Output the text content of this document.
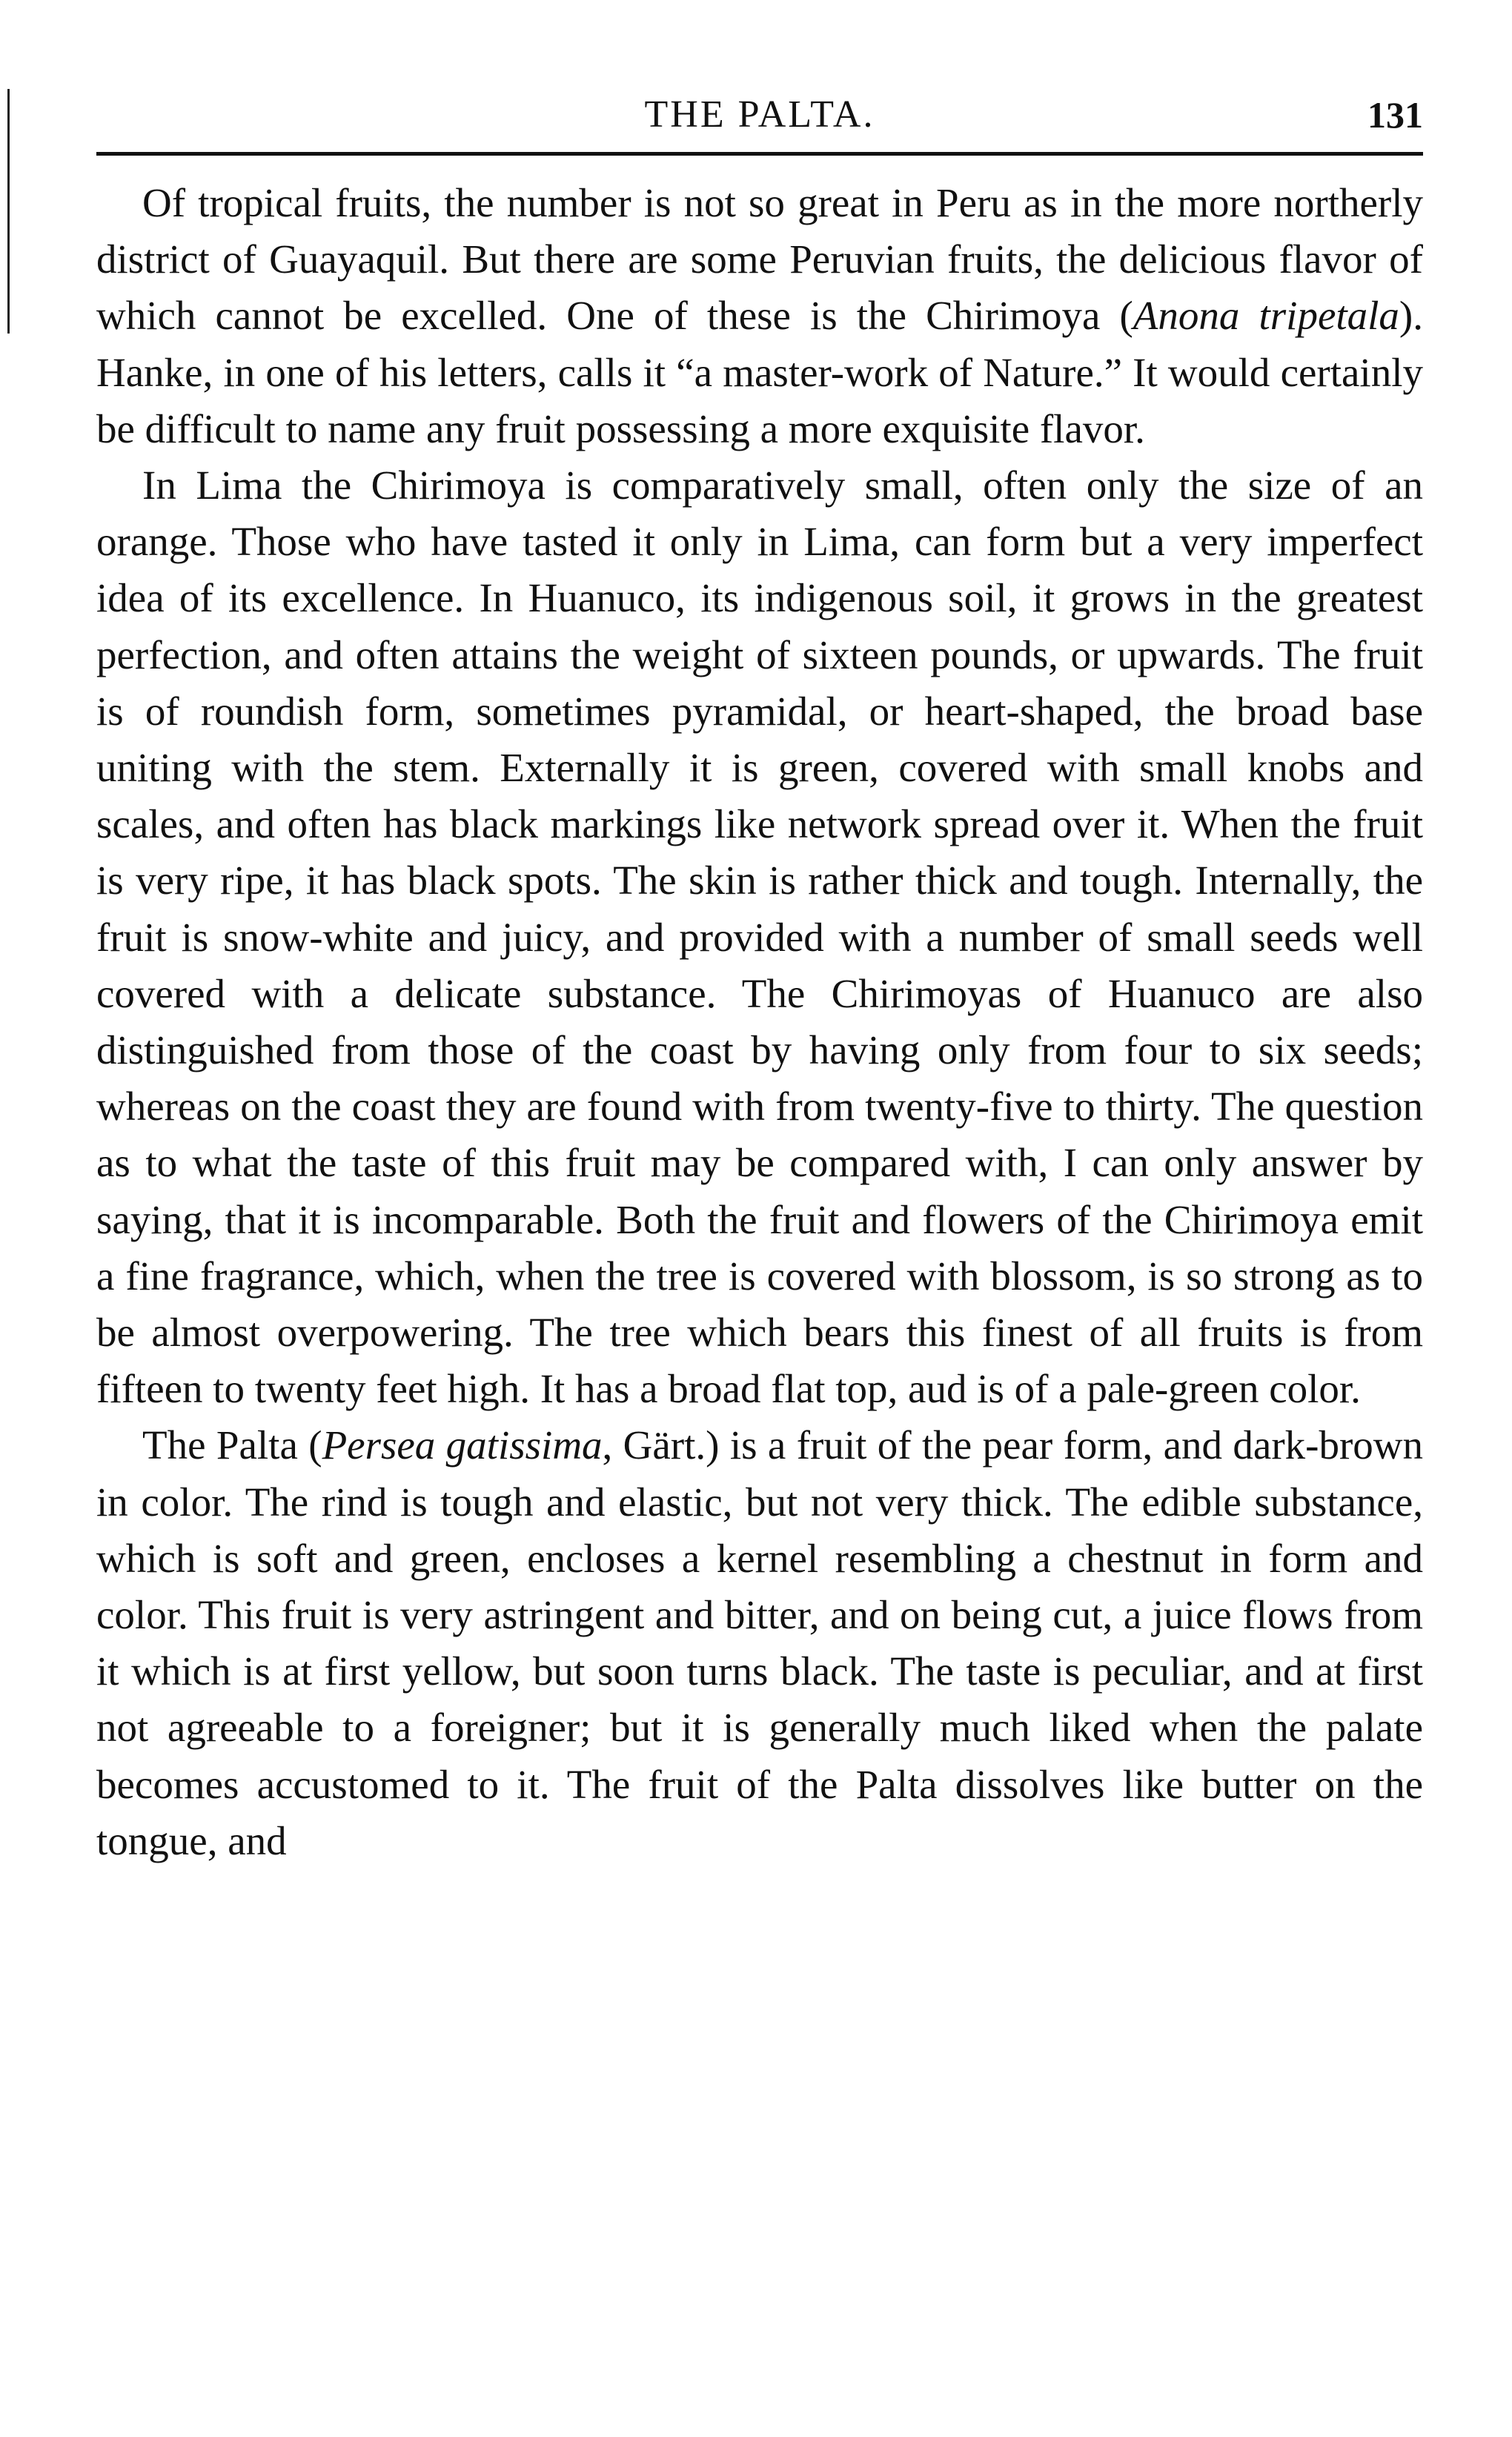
THE PALTA.	131

Of tropical fruits, the number is not so great in Peru as in the more northerly district of Guayaquil. But there are some Peruvian fruits, the delicious flavor of which cannot be excelled. One of these is the Chirimoya (Anona tripetala). Hanke, in one of his letters, calls it “a master-work of Nature.” It would certainly be difficult to name any fruit possessing a more exquisite flavor.

In Lima the Chirimoya is comparatively small, often only the size of an orange. Those who have tasted it only in Lima, can form but a very imperfect idea of its excellence. In Huanuco, its indigenous soil, it grows in the greatest perfection, and often attains the weight of sixteen pounds, or upwards. The fruit is of roundish form, sometimes pyramidal, or heart-shaped, the broad base uniting with the stem. Externally it is green, covered with small knobs and scales, and often has black markings like network spread over it. When the fruit is very ripe, it has black spots. The skin is rather thick and tough. Internally, the fruit is snow-white and juicy, and provided with a number of small seeds well covered with a delicate substance. The Chirimoyas of Huanuco are also distinguished from those of the coast by having only from four to six seeds; whereas on the coast they are found with from twenty-five to thirty. The question as to what the taste of this fruit may be compared with, I can only answer by saying, that it is incomparable. Both the fruit and flowers of the Chirimoya emit a fine fragrance, which, when the tree is covered with blossom, is so strong as to be almost overpowering. The tree which bears this finest of all fruits is from fifteen to twenty feet high. It has a broad flat top, aud is of a pale-green color.

The Palta (Persea gatissima, Gärt.) is a fruit of the pear form, and dark-brown in color. The rind is tough and elastic, but not very thick. The edible substance, which is soft and green, encloses a kernel resembling a chestnut in form and color. This fruit is very astringent and bitter, and on being cut, a juice flows from it which is at first yellow, but soon turns black. The taste is peculiar, and at first not agreeable to a foreigner; but it is generally much liked when the palate becomes accustomed to it. The fruit of the Palta dissolves like butter on the tongue, and
